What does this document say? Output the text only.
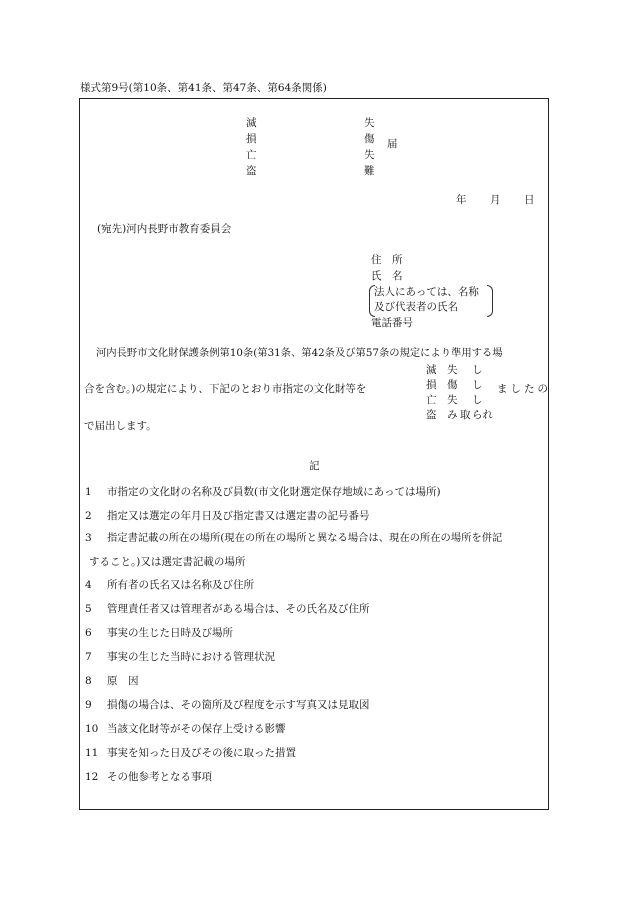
様式第9号(第10条、第41条、第47条、第64条関係)
滅
損
亡
盗
失
傷
失
難
届
年 月 日
(宛先)河内長野市教育委員会
住　所
氏　名
法人にあっては、名称
及び代表者の氏名
電話番号
河内長野市文化財保護条例第10条(第31条、第42条及び第57条の規定により準用する場
滅
損
亡
盗
失
傷
失
み 取
し
し
し
られ
合を含む。)の規定により、下記のとおり市指定の文化財等を	ましたの
で届出します。
記
1 市指定の文化財の名称及び員数(市文化財選定保存地域にあっては場所)
2 指定又は選定の年月日及び指定書又は選定書の記号番号
3 指定書記載の所在の場所(現在の所在の場所と異なる場合は、現在の所在の場所を併記
すること。)又は選定書記載の場所
4 所有者の氏名又は名称及び住所
5 管理責任者又は管理者がある場合は、その氏名及び住所
6 事実の生じた日時及び場所
7 事実の生じた当時における管理状況
8 原　因
9 損傷の場合は、その箇所及び程度を示す写真又は見取図
10 当該文化財等がその保存上受ける影響
11 事実を知った日及びその後に取った措置
12 その他参考となる事項
